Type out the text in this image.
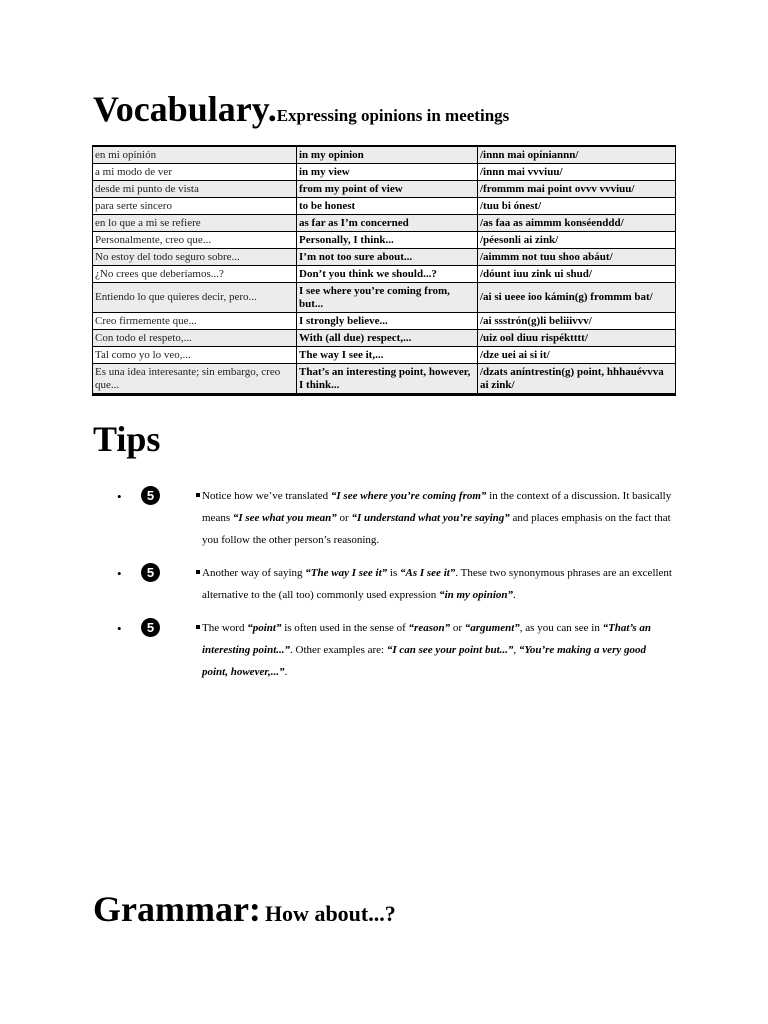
Vocabulary.Expressing opinions in meetings
en mi opinión	in my opinion	/innn mai opíniannn/
a mi modo de ver	in my view	/innn mai vvviuu/
desde mi punto de vista	from my point of view	/frommm mai point ovvv vvviuu/
para serte sincero	to be honest	/tuu bi ónest/
en lo que a mi se refiere	as far as I’m concerned	/as faa as aimmm konséenddd/
Personalmente, creo que...	Personally, I think...	/péesonli ai zink/
No estoy del todo seguro sobre...	I’m not too sure about...	/aimmm not tuu shoo abáut/
¿No crees que deberíamos...?	Don’t you think we should...?	/dóunt iuu zink ui shud/
Entiendo lo que quieres decir, pero...	I see where you’re coming from, but...	/ai si ueee ioo kámin(g) frommm bat/
Creo firmemente que...	I strongly believe...	/ai ssstrón(g)li beliiivvv/
Con todo el respeto,...	With (all due) respect,...	/uiz ool diuu rispéktttt/
Tal como yo lo veo,...	The way I see it,...	/dze uei ai si it/
Es una idea interesante; sin embargo, creo que...	That’s an interesting point, however, I think...	/dzats aníntrestin(g) point, hhhauévvva ai zink/
Tips
•	5	Notice how we’ve translated “I see where you’re coming from” in the context of a discussion. It basically means “I see what you mean” or “I understand what you’re saying” and places emphasis on the fact that you follow the other person’s reasoning.
•	5	Another way of saying “The way I see it” is “As I see it”. These two synonymous phrases are an excellent alternative to the (all too) commonly used expression “in my opinion”.
•	5	The word “point” is often used in the sense of “reason” or “argument”, as you can see in “That’s an interesting point...”. Other examples are: “I can see your point but...”, “You’re making a very good point, however,...”.
Grammar: How about...?
